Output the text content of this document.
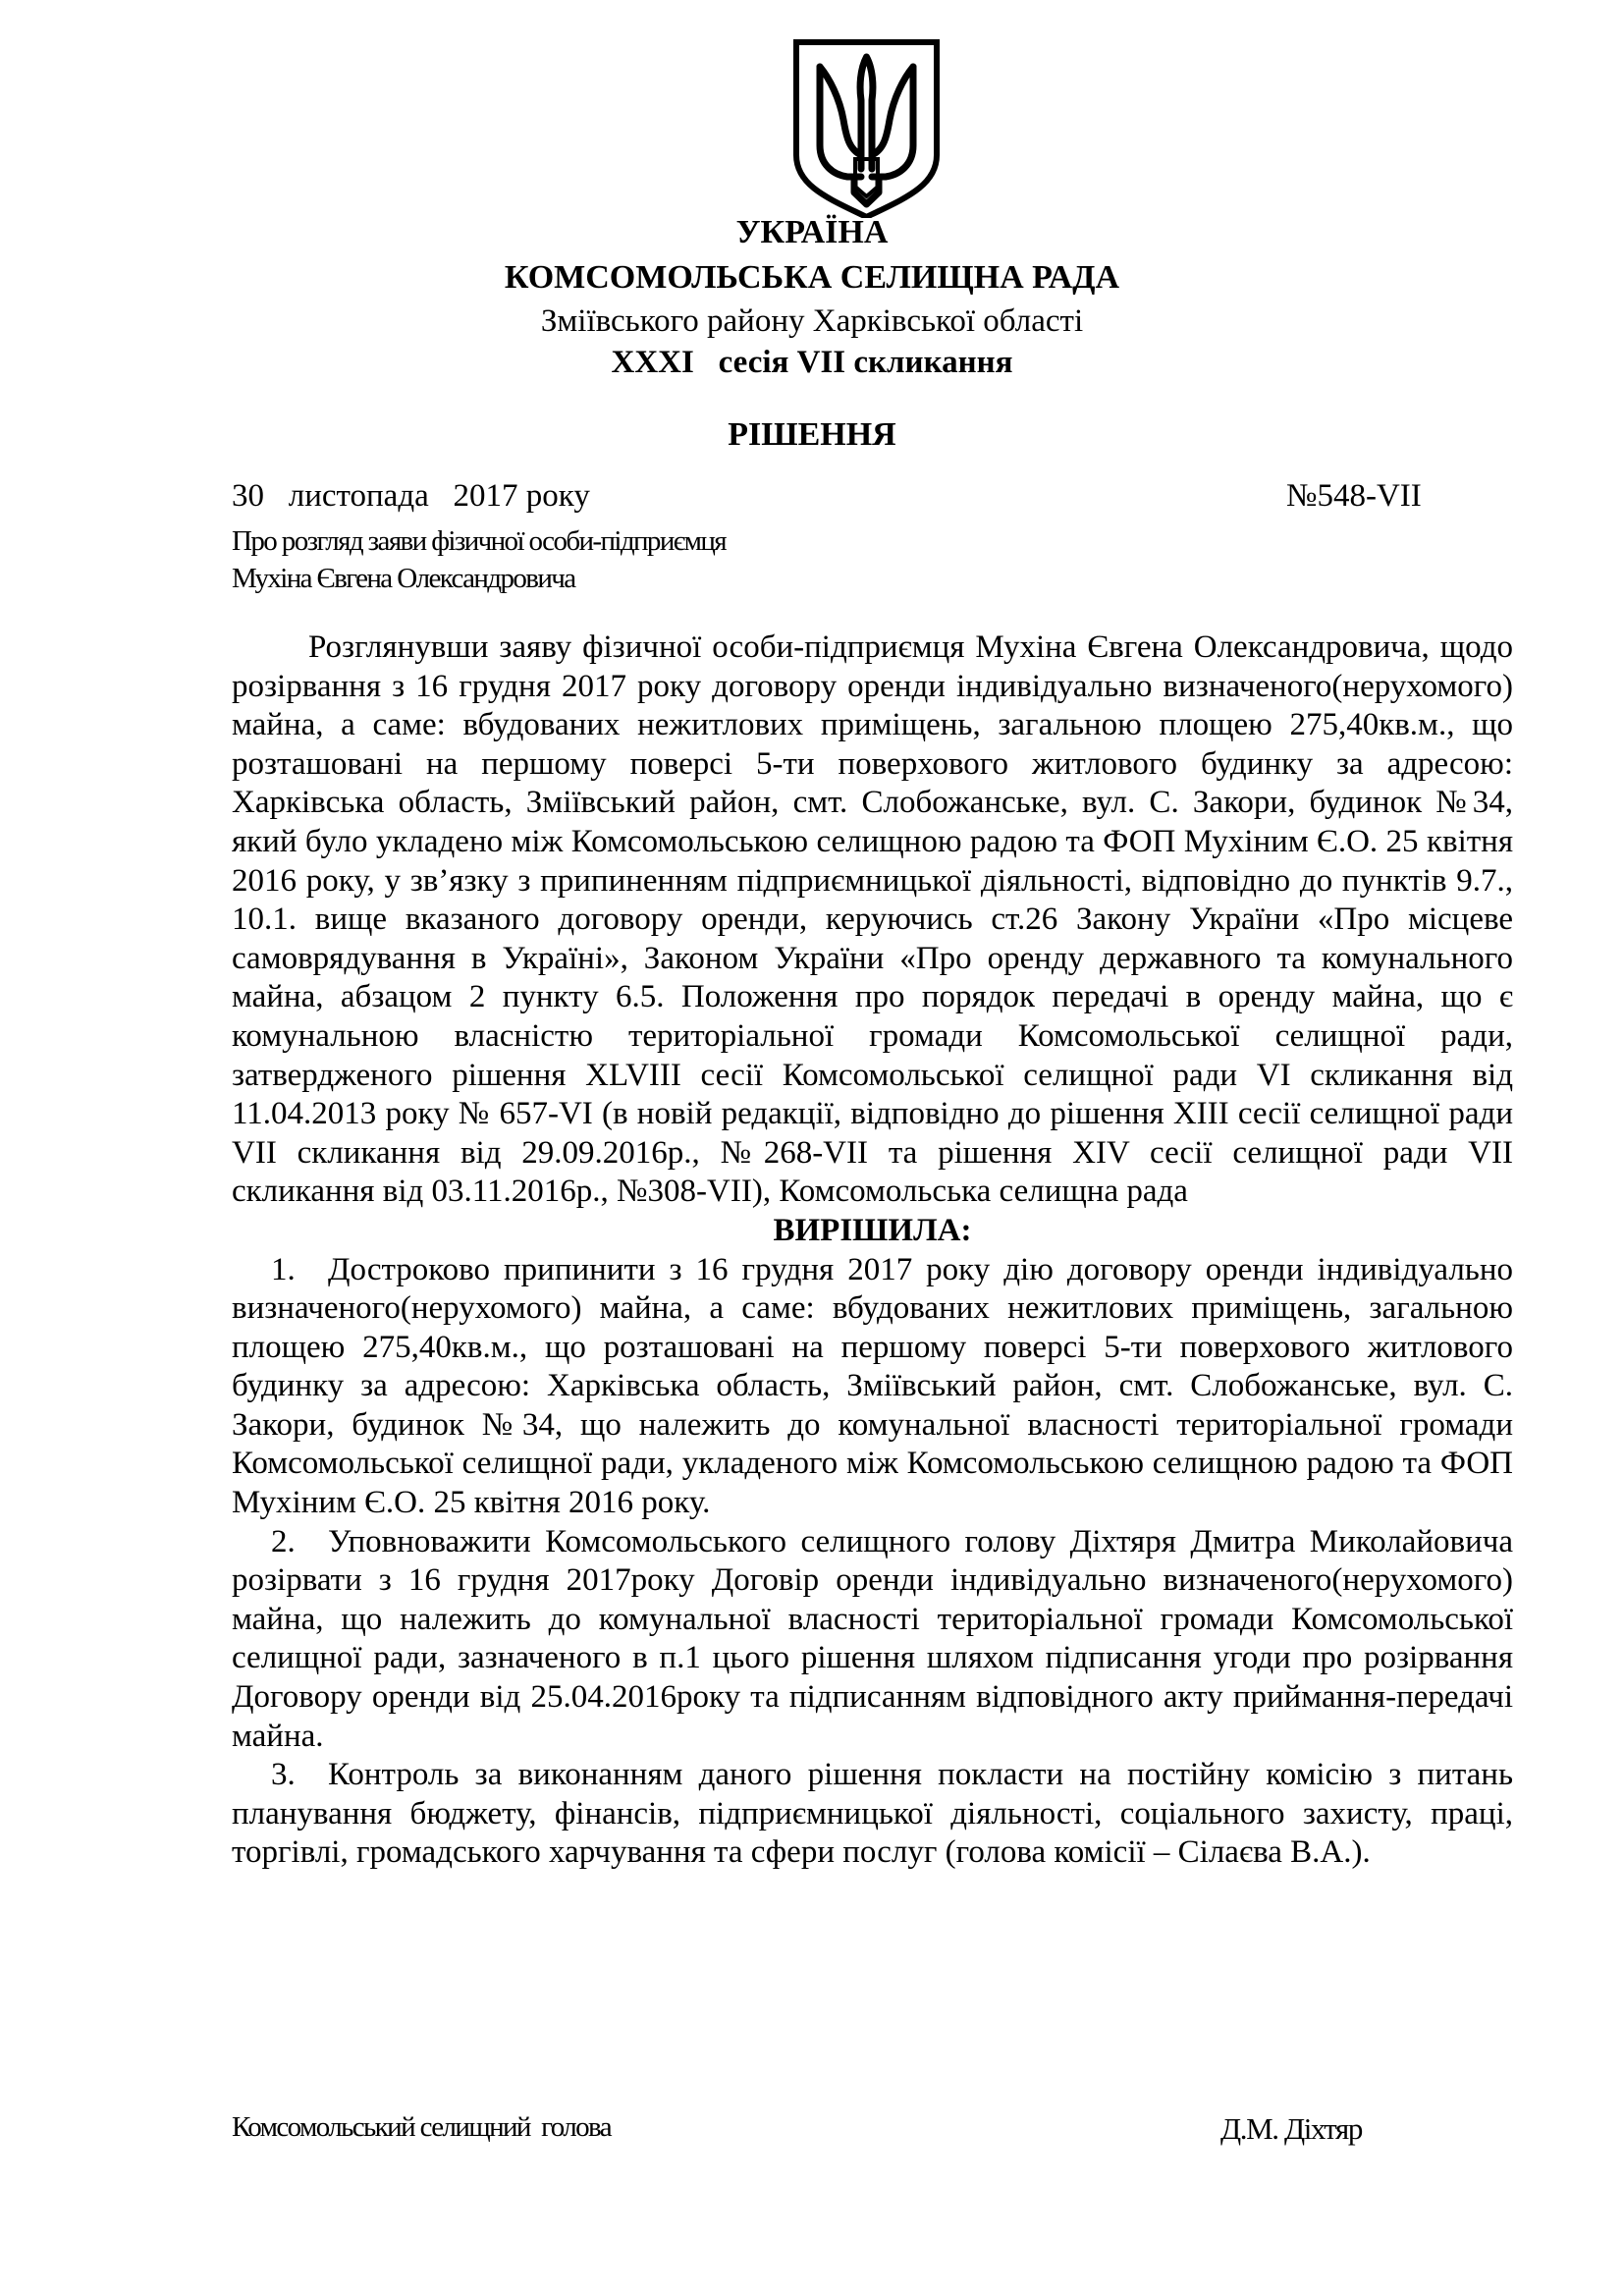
УКРАЇНА
КОМСОМОЛЬСЬКА СЕЛИЩНА РАДА
Зміївського району Харківської області
XXXI   сесія VII скликання
РІШЕННЯ
30   листопада   2017 року	№548-VII
Про розгляд заяви фізичної особи-підприємця
Мухіна Євгена Олександровича

Розглянувши заяву фізичної особи-підприємця Мухіна Євгена Олександровича, щодо розірвання з 16 грудня 2017 року договору оренди індивідуально визначеного(нерухомого) майна, а саме: вбудованих нежитлових приміщень, загальною площею 275,40кв.м., що розташовані на першому поверсі 5-ти поверхового житлового будинку за адресою: Харківська область, Зміївський район, смт. Слобожанське, вул. С. Закори, будинок №34, який було укладено між Комсомольською селищною радою та ФОП Мухіним Є.О. 25 квітня 2016 року, у зв’язку з припиненням підприємницької діяльності, відповідно до пунктів 9.7., 10.1. вище вказаного договору оренди, керуючись ст.26 Закону України «Про місцеве самоврядування в Україні», Законом України «Про оренду державного та комунального майна, абзацом 2 пункту 6.5. Положення про порядок передачі в оренду майна, що є комунальною власністю територіальної громади Комсомольської селищної ради, затвердженого рішення XLVIII сесії Комсомольської селищної ради VI скликання від 11.04.2013 року № 657-VI (в новій редакції, відповідно до рішення XIII сесії селищної ради VII скликання від 29.09.2016р., №268-VII та рішення XIV сесії селищної ради VII скликання від 03.11.2016р., №308-VII), Комсомольська селищна рада

ВИРІШИЛА:

1. Достроково припинити з 16 грудня 2017 року дію договору оренди індивідуально визначеного(нерухомого) майна, а саме: вбудованих нежитлових приміщень, загальною площею 275,40кв.м., що розташовані на першому поверсі 5-ти поверхового житлового будинку за адресою: Харківська область, Зміївський район, смт. Слобожанське, вул. С. Закори, будинок №34, що належить до комунальної власності територіальної громади Комсомольської селищної ради, укладеного між Комсомольською селищною радою та ФОП Мухіним Є.О. 25 квітня 2016 року.

2. Уповноважити Комсомольського селищного голову Діхтяря Дмитра Миколайовича розірвати з 16 грудня 2017року Договір оренди індивідуально визначеного(нерухомого) майна, що належить до комунальної власності територіальної громади Комсомольської селищної ради, зазначеного в п.1 цього рішення шляхом підписання угоди про розірвання Договору оренди від 25.04.2016року та підписанням відповідного акту приймання-передачі майна.

3. Контроль за виконанням даного рішення покласти на постійну комісію з питань планування бюджету, фінансів, підприємницької діяльності, соціального захисту, праці, торгівлі, громадського харчування та сфери послуг (голова комісії – Сілаєва В.А.).

Комсомольський селищний  голова	Д.М. Діхтяр
